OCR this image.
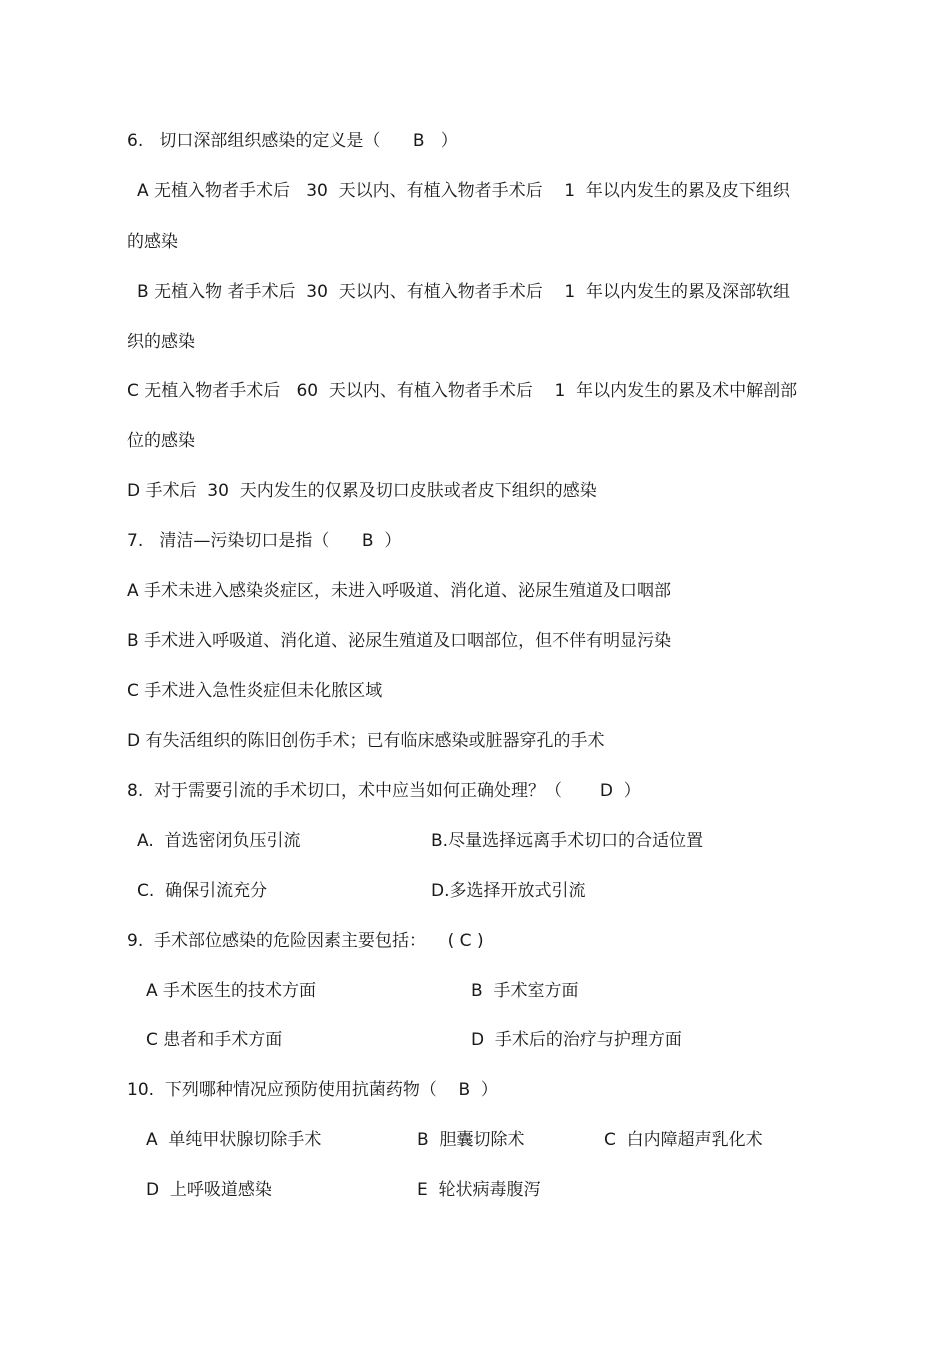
6.   切口深部组织感染的定义是（      B   ）
A 无植入物者手术后   30  天以内、有植入物者手术后    1  年以内发生的累及皮下组织
的感染
B 无植入物 者手术后  30  天以内、有植入物者手术后    1  年以内发生的累及深部软组
织的感染
C 无植入物者手术后   60  天以内、有植入物者手术后    1  年以内发生的累及术中解剖部
位的感染
D 手术后  30  天内发生的仅累及切口皮肤或者皮下组织的感染
7.   清洁—污染切口是指（      B  ）
A 手术未进入感染炎症区，未进入呼吸道、消化道、泌尿生殖道及口咽部
B 手术进入呼吸道、消化道、泌尿生殖道及口咽部位，但不伴有明显污染
C 手术进入急性炎症但未化脓区域
D 有失活组织的陈旧创伤手术；已有临床感染或脏器穿孔的手术
8.  对于需要引流的手术切口，术中应当如何正确处理？（       D  ）
A.  首选密闭负压引流	B.尽量选择远离手术切口的合适位置
C.  确保引流充分	D.多选择开放式引流
9.  手术部位感染的危险因素主要包括：    ( C )
A 手术医生的技术方面	B  手术室方面
C 患者和手术方面	D  手术后的治疗与护理方面
10.  下列哪种情况应预防使用抗菌药物（    B  ）
A  单纯甲状腺切除手术	B  胆囊切除术	C  白内障超声乳化术
D  上呼吸道感染	E  轮状病毒腹泻
